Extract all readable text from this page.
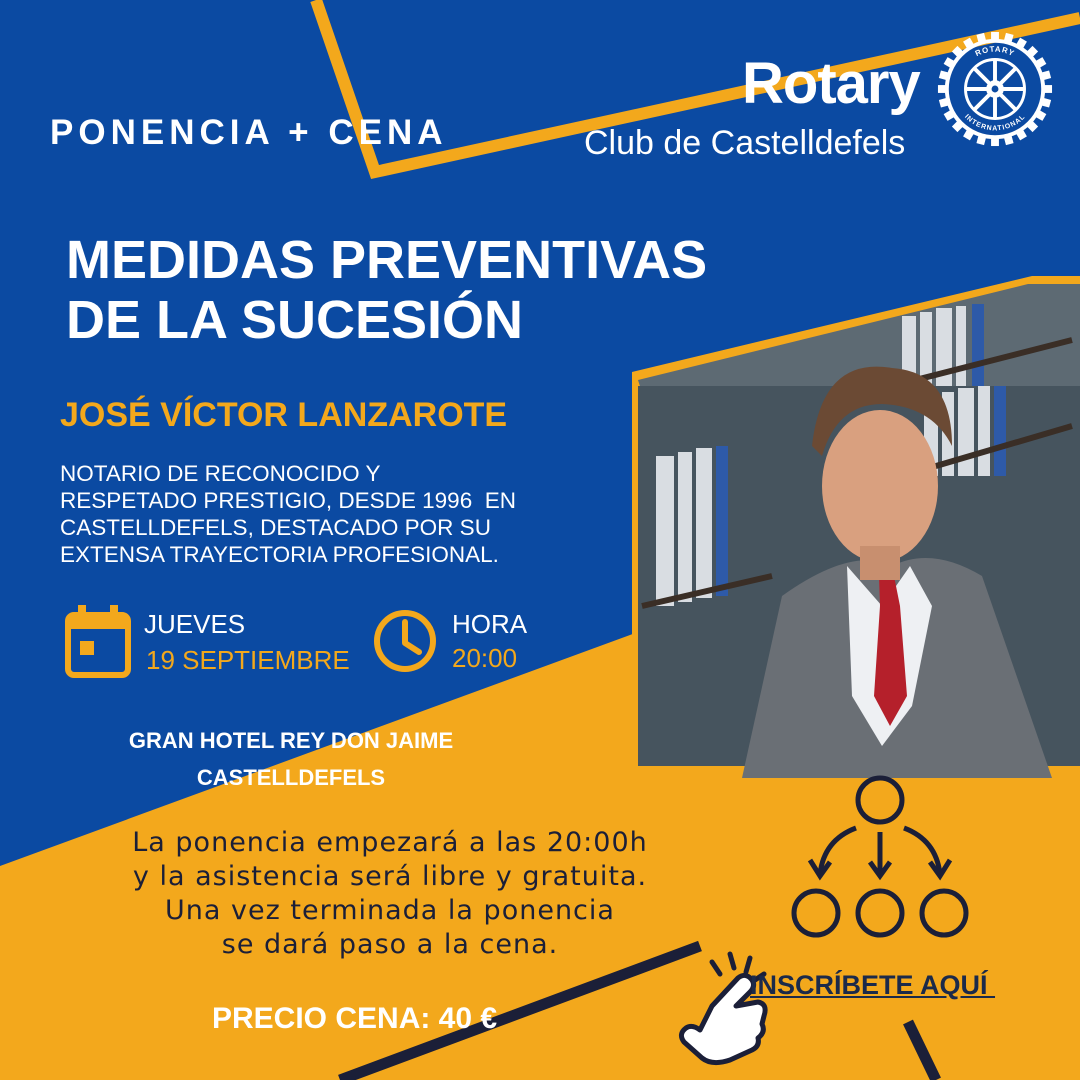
PONENCIA + CENA
Rotary
Club de Castelldefels
ROTARY
INTERNATIONAL
MEDIDAS PREVENTIVAS
DE LA SUCESIÓN
JOSÉ VÍCTOR LANZAROTE
NOTARIO DE RECONOCIDO Y
RESPETADO PRESTIGIO, DESDE 1996  EN
CASTELLDEFELS, DESTACADO POR SU
EXTENSA TRAYECTORIA PROFESIONAL.
JUEVES
19 SEPTIEMBRE
HORA
20:00
GRAN HOTEL REY DON JAIME
CASTELLDEFELS
La ponencia empezará a las 20:00h
y la asistencia será libre y gratuita.
Una vez terminada la ponencia
se dará paso a la cena.
PRECIO CENA: 40 €
INSCRÍBETE AQUÍ
